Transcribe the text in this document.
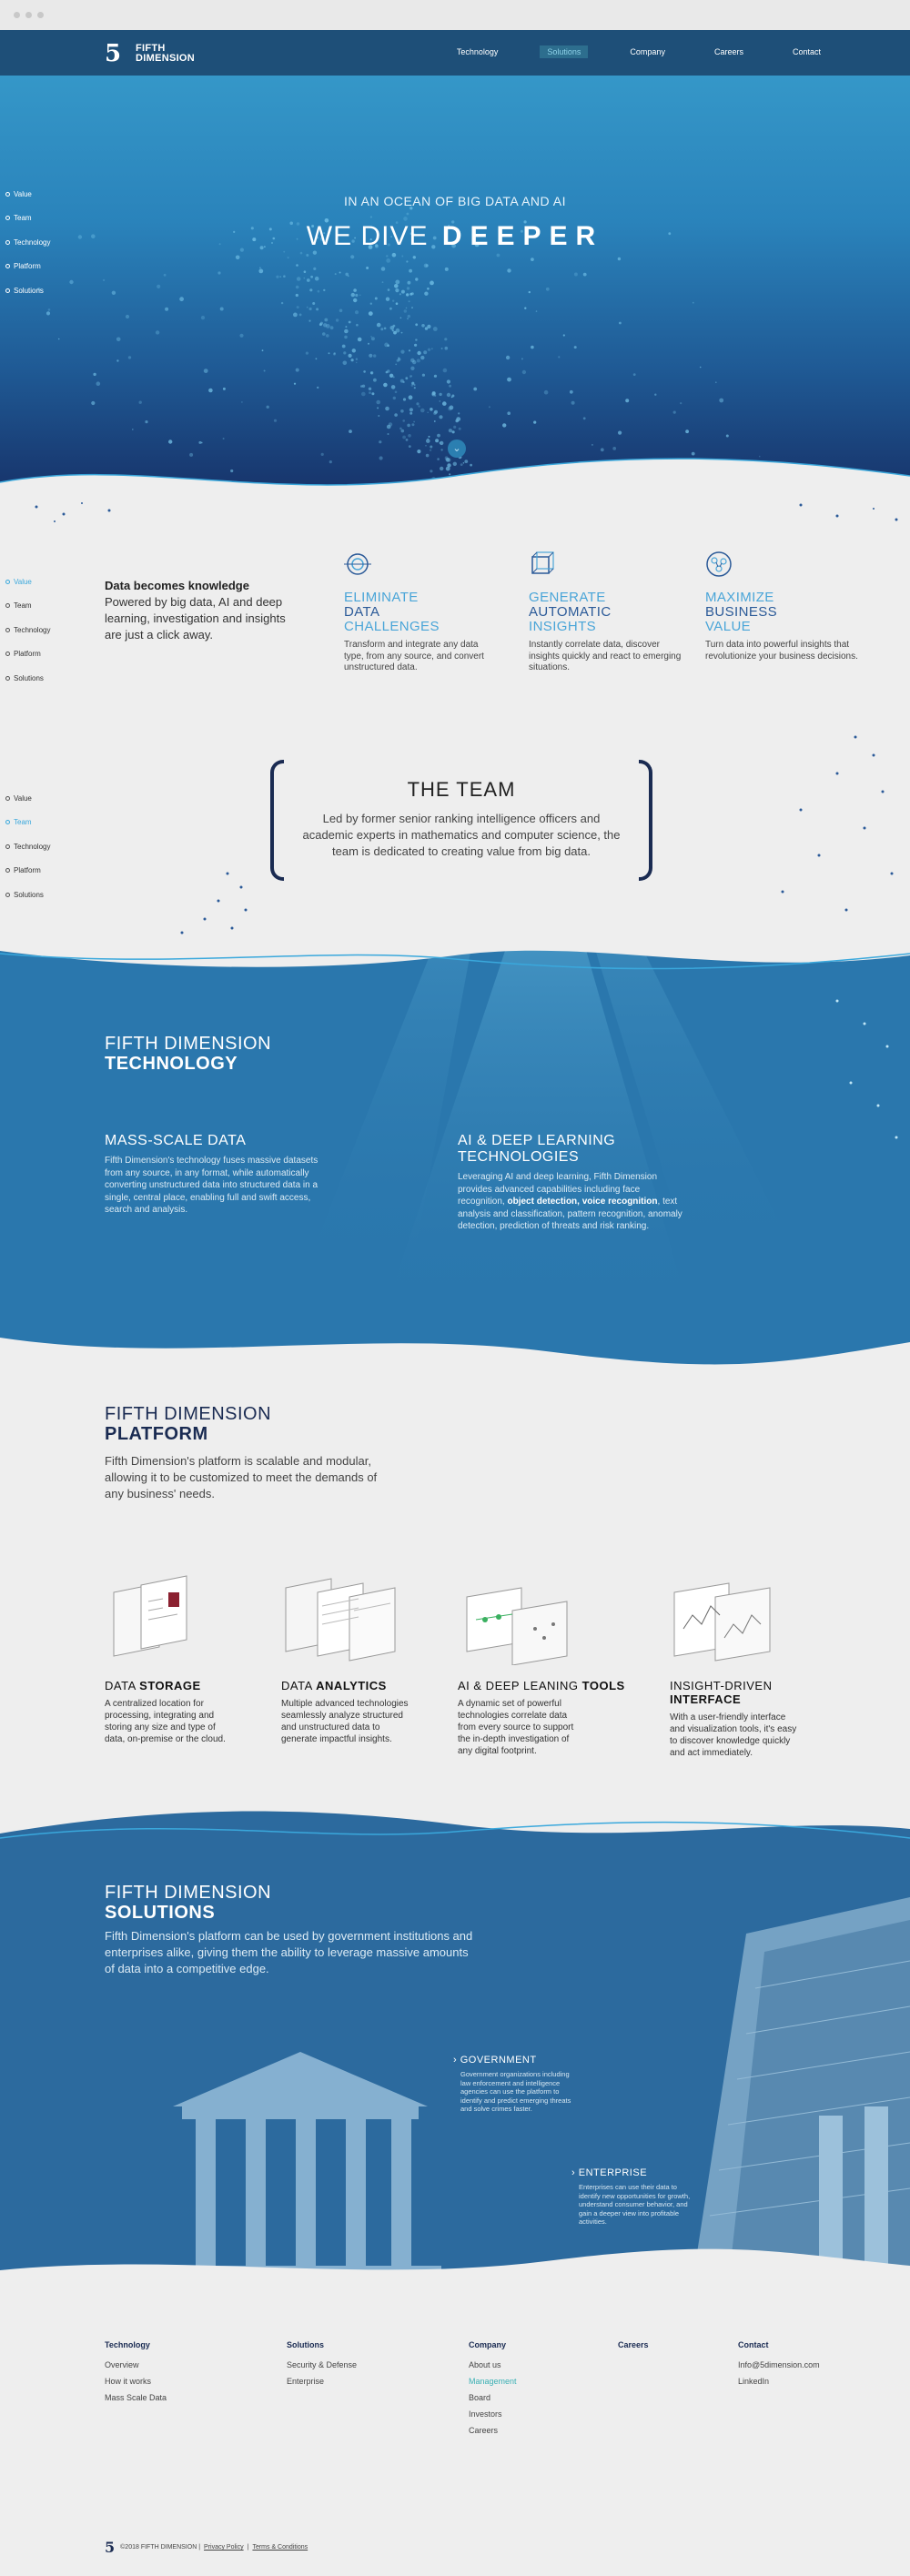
5	FIFTH
DIMENSION
Technology	Solutions	Company	Careers	Contact
IN AN OCEAN OF BIG DATA AND AI
WE DIVE DEEPER
⌄
Value
Team
Technology
Platform
Solutions
Value
Team
Technology
Platform
Solutions
Data becomes knowledge
Powered by big data, AI and deep learning, investigation and insights are just a click away.
ELIMINATE
DATA
CHALLENGES
Transform and integrate any data type, from any source, and convert unstructured data.
GENERATE
AUTOMATIC
INSIGHTS
Instantly correlate data, discover insights quickly and react to emerging situations.
MAXIMIZE
BUSINESS
VALUE
Turn data into powerful insights that revolutionize your business decisions.
Value
Team
Technology
Platform
Solutions
THE TEAM
Led by former senior ranking intelligence officers and academic experts in mathematics and computer science, the team is dedicated to creating value from big data.
FIFTH DIMENSION
TECHNOLOGY
MASS-SCALE DATA
Fifth Dimension's technology fuses massive datasets from any source, in any format, while automatically converting unstructured data into structured data in a single, central place, enabling full and swift access, search and analysis.
AI & DEEP LEARNING TECHNOLOGIES
Leveraging AI and deep learning, Fifth Dimension provides advanced capabilities including face recognition, object detection, voice recognition, text analysis and classification, pattern recognition, anomaly detection, prediction of threats and risk ranking.
FIFTH DIMENSION
PLATFORM
Fifth Dimension's platform is scalable and modular, allowing it to be customized to meet the demands of any business' needs.
DATA STORAGE
A centralized location for processing, integrating and storing any size and type of data, on-premise or the cloud.
DATA ANALYTICS
Multiple advanced technologies seamlessly analyze structured and unstructured data to generate impactful insights.
AI & DEEP LEANING TOOLS
A dynamic set of powerful technologies correlate data from every source to support the in-depth investigation of any digital footprint.
INSIGHT-DRIVEN INTERFACE
With a user-friendly interface and visualization tools, it's easy to discover knowledge quickly and act immediately.
FIFTH DIMENSION
SOLUTIONS
Fifth Dimension's platform can be used by government institutions and enterprises alike, giving them the ability to leverage massive amounts of data into a competitive edge.
› GOVERNMENT
Government organizations including law enforcement and intelligence agencies can use the platform to identify and predict emerging threats and solve crimes faster.
› ENTERPRISE
Enterprises can use their data to identify new opportunities for growth, understand consumer behavior, and gain a deeper view into profitable activities.
Technology
Overview
How it works
Mass Scale Data
Solutions
Security & Defense
Enterprise
Company
About us
Management
Board
Investors
Careers
Careers	Contact
Info@5dimension.com
LinkedIn
5 ©2018 FIFTH DIMENSION | Privacy Policy | Terms & Conditions
